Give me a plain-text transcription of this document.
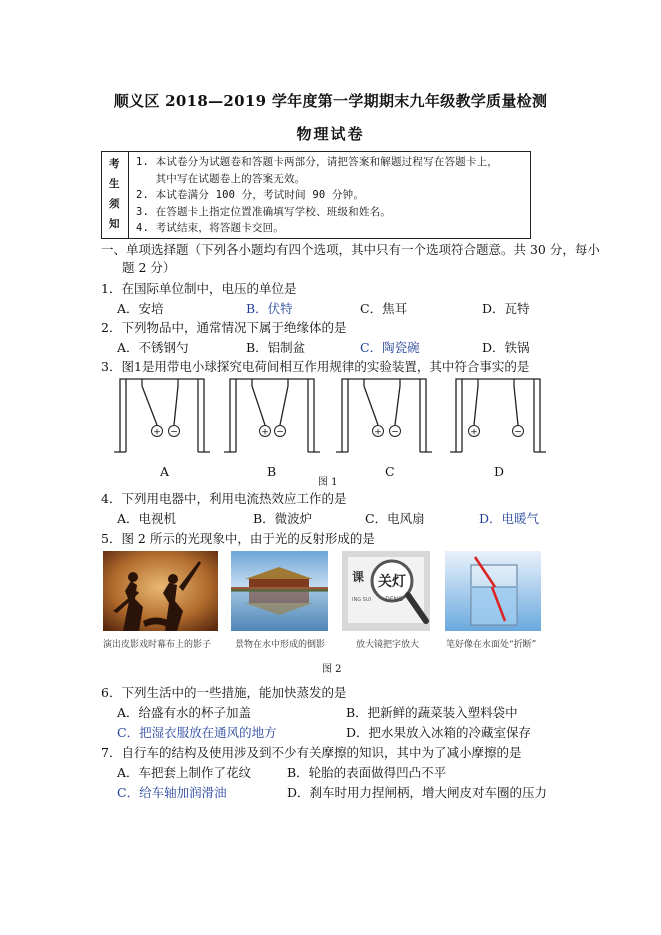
顺义区 2018—2019 学年度第一学期期末九年级教学质量检测
物理试卷
考
生
须
知
1. 本试卷分为试题卷和答题卡两部分，请把答案和解题过程写在答题卡上，
其中写在试题卷上的答案无效。
2. 本试卷满分 100 分，考试时间 90 分钟。
3. 在答题卡上指定位置准确填写学校、班级和姓名。
4. 考试结束，将答题卡交回。
一、单项选择题（下列各小题均有四个选项，其中只有一个选项符合题意。共 30 分，每小
题 2 分）
1．在国际单位制中，电压的单位是
A．安培	B．伏特	C．焦耳	D．瓦特
2．下列物品中，通常情况下属于绝缘体的是
A．不锈钢勺	B．铝制盆	C．陶瓷碗	D．铁锅
3．图1是用带电小球探究电荷间相互作用规律的实验装置，其中符合事实的是
+ −	+ −	+ −	+	−
A	B	C	D
图 1
4．下列用电器中，利用电流热效应工作的是
A．电视机	B．微波炉	C．电风扇	D．电暖气
5．图 2 所示的光现象中，由于光的反射形成的是
课
ING SUI
关灯
DENG
演出皮影戏时幕布上的影子	景物在水中形成的倒影	放大镜把字放大	笔好像在水面处“折断”
图 2
6．下列生活中的一些措施，能加快蒸发的是
A．给盛有水的杯子加盖	B．把新鲜的蔬菜装入塑料袋中
C．把湿衣服放在通风的地方	D．把水果放入冰箱的冷藏室保存
7．自行车的结构及使用涉及到不少有关摩擦的知识，其中为了减小摩擦的是
A．车把套上制作了花纹	B．轮胎的表面做得凹凸不平
C．给车轴加润滑油	D．刹车时用力捏闸柄，增大闸皮对车圈的压力
